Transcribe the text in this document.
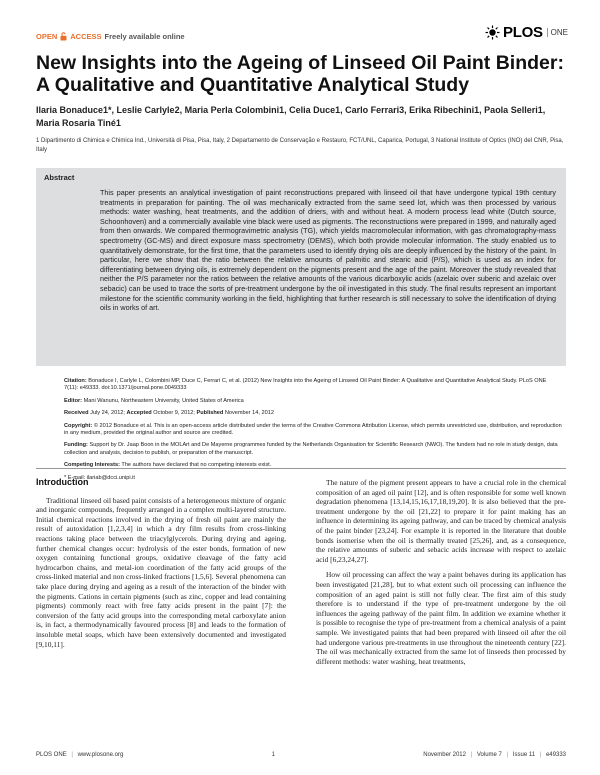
OPEN ACCESS Freely available online	PLOS	ONE
New Insights into the Ageing of Linseed Oil Paint Binder: A Qualitative and Quantitative Analytical Study
Ilaria Bonaduce1*, Leslie Carlyle2, Maria Perla Colombini1, Celia Duce1, Carlo Ferrari3, Erika Ribechini1, Paola Selleri1, Maria Rosaria Tiné1
1 Dipartimento di Chimica e Chimica Ind., Università di Pisa, Pisa, Italy, 2 Departamento de Conservação e Restauro, FCT/UNL, Caparica, Portugal, 3 National Institute of Optics (INO) del CNR, Pisa, Italy
Abstract
This paper presents an analytical investigation of paint reconstructions prepared with linseed oil that have undergone typical 19th century treatments in preparation for painting. The oil was mechanically extracted from the same seed lot, which was then processed by various methods: water washing, heat treatments, and the addition of driers, with and without heat. A modern process lead white (Dutch source, Schoonhoven) and a commercially available vine black were used as pigments. The reconstructions were prepared in 1999, and naturally aged from then onwards. We compared thermogravimetric analysis (TG), which yields macromolecular information, with gas chromatography-mass spectrometry (GC-MS) and direct exposure mass spectrometry (DEMS), which both provide molecular information. The study enabled us to quantitatively demonstrate, for the first time, that the parameters used to identify drying oils are deeply influenced by the history of the paint. In particular, here we show that the ratio between the relative amounts of palmitic and stearic acid (P/S), which is used as an index for differentiating between drying oils, is extremely dependent on the pigments present and the age of the paint. Moreover the study revealed that neither the P/S parameter nor the ratios between the relative amounts of the various dicarboxylic acids (azelaic over suberic and azelaic over sebacic) can be used to trace the sorts of pre-treatment undergone by the oil investigated in this study. The final results represent an important milestone for the scientific community working in the field, highlighting that further research is still necessary to solve the identification of drying oils in works of art.

Citation: Bonaduce I, Carlyle L, Colombini MP, Duce C, Ferrari C, et al. (2012) New Insights into the Ageing of Linseed Oil Paint Binder: A Qualitative and Quantitative Analytical Study. PLoS ONE 7(11): e49333. doi:10.1371/journal.pone.0049333

Editor: Mani Wanunu, Northeastern University, United States of America

Received July 24, 2012; Accepted October 9, 2012; Published November 14, 2012

Copyright: © 2012 Bonaduce et al. This is an open-access article distributed under the terms of the Creative Commons Attribution License, which permits unrestricted use, distribution, and reproduction in any medium, provided the original author and source are credited.

Funding: Support by Dr. Jaap Boon in the MOLArt and De Mayerne programmes funded by the Netherlands Organisation for Scientific Research (NWO). The funders had no role in study design, data collection and analysis, decision to publish, or preparation of the manuscript.

Competing Interests: The authors have declared that no competing interests exist.

* E-mail: ilariab@dcci.unipi.it

Introduction

Traditional linseed oil based paint consists of a heterogeneous mixture of organic and inorganic compounds, frequently arranged in a complex multi-layered structure. Initial chemical reactions involved in the drying of fresh oil paint are mainly the result of autoxidation [1,2,3,4] in which a dry film results from cross-linking reactions taking place between the triacylglycerols. During drying and ageing, further chemical changes occur: hydrolysis of the ester bonds, formation of new oxygen containing functional groups, oxidative cleavage of the fatty acid hydrocarbon chains, and metal-ion coordination of the fatty acid groups of the cross-linked material and non cross-linked fractions [1,5,6]. Several phenomena can take place during drying and ageing as a result of the interaction of the binder with the pigments. Cations in certain pigments (such as zinc, copper and lead containing pigments) commonly react with free fatty acids present in the paint [7]: the conversion of the fatty acid groups into the corresponding metal carboxylate anion is, in fact, a thermodynamically favoured process [8] and leads to the formation of insoluble metal soaps, which have been extensively documented and investigated [9,10,11].

The nature of the pigment present appears to have a crucial role in the chemical composition of an aged oil paint [12], and is often responsible for some well known degradation phenomena [13,14,15,16,17,18,19,20]. It is also believed that the pre-treatment undergone by the oil [21,22] to prepare it for paint making has an influence in determining its ageing pathway, and can be traced by chemical analysis of the paint binder [23,24]. For example it is reported in the literature that double bonds isomerise when the oil is thermally treated [25,26], and, as a consequence, the relative amounts of suberic and sebacic acids increase with respect to azelaic acid [6,23,24,27].

How oil processing can affect the way a paint behaves during its application has been investigated [21,28], but to what extent such oil processing can influence the composition of an aged paint is still not fully clear. The first aim of this study therefore is to understand if the type of pre-treatment undergone by the oil influences the ageing pathway of the paint film. In addition we examine whether it is possible to recognise the type of pre-treatment from a chemical analysis of a paint sample. We investigated paints that had been prepared with linseed oil after the oil had undergone various pre-treatments in use throughout the nineteenth century [22]. The oil was mechanically extracted from the same lot of linseeds then processed by different methods: water washing, heat treatments,

PLOS ONE | www.plosone.org	1	November 2012 | Volume 7 | Issue 11 | e49333
